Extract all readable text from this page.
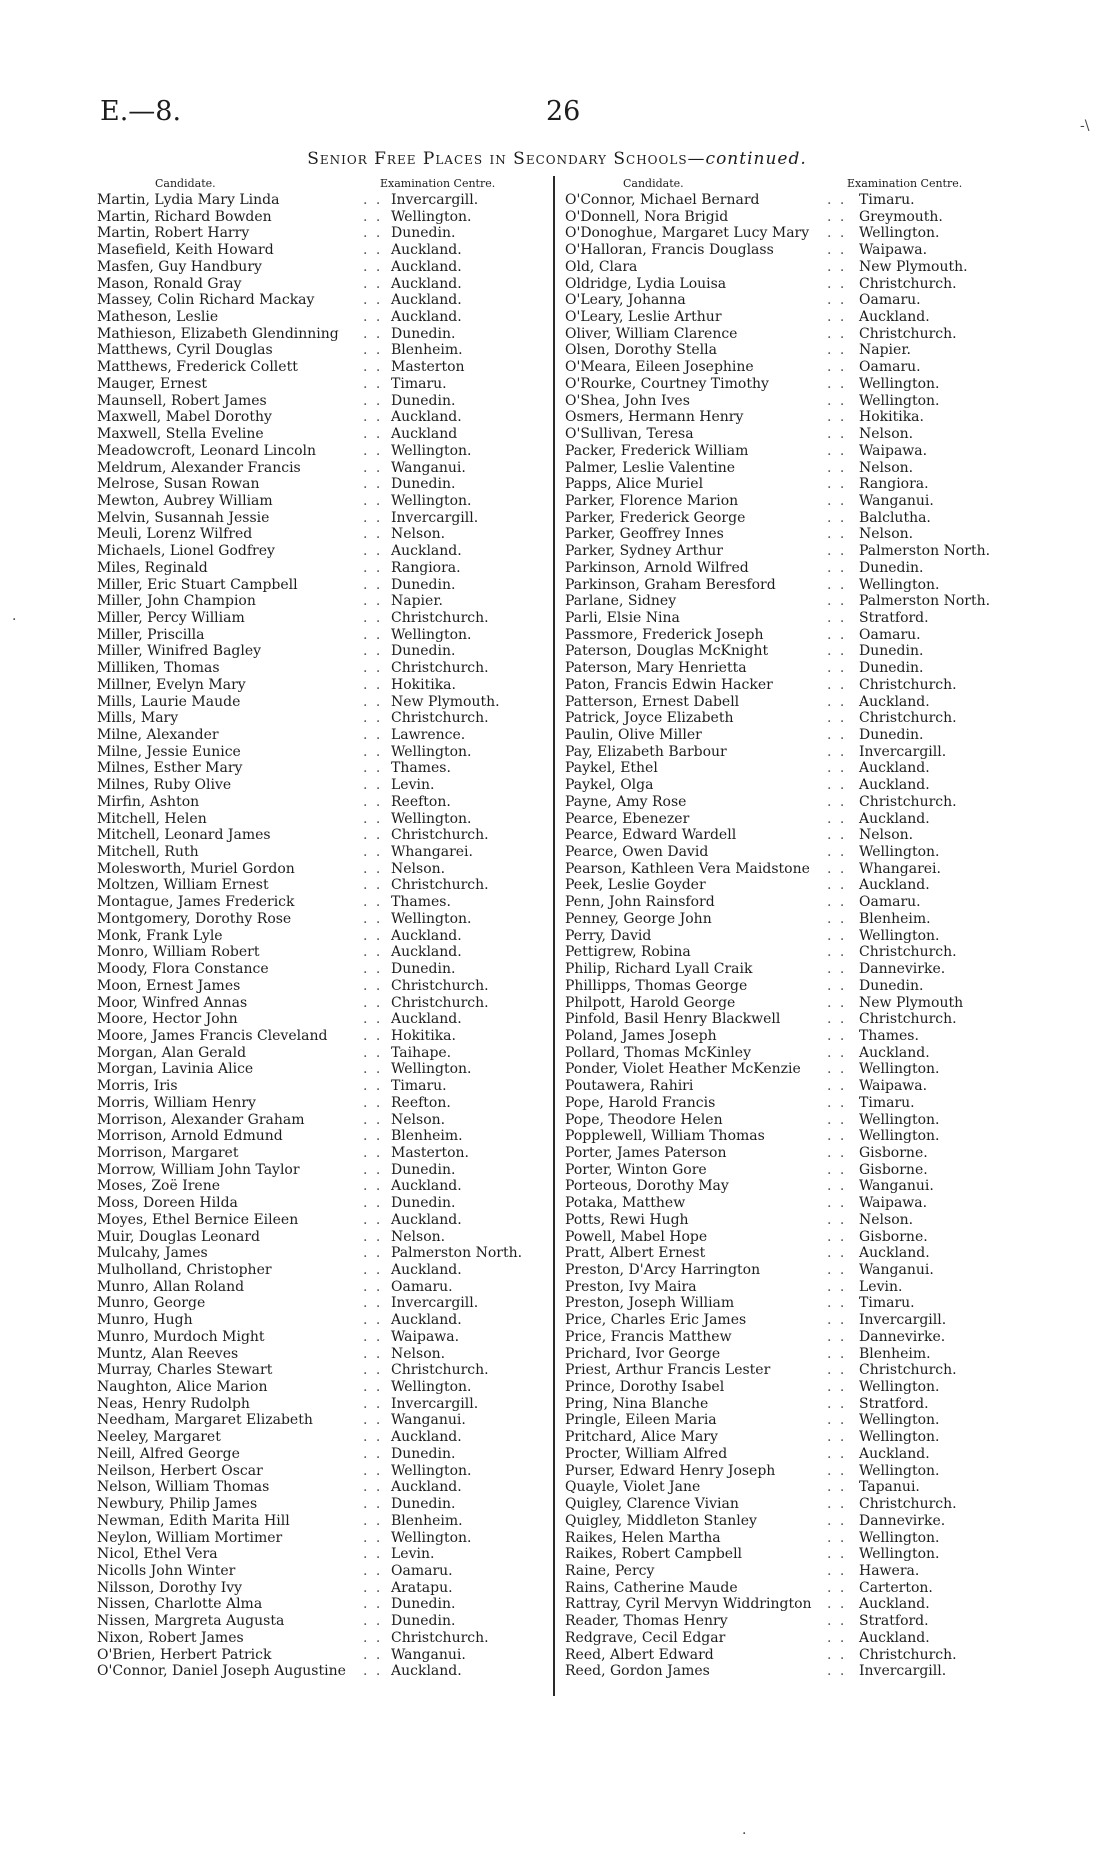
E.—8.	26	-\
·
·
Senior Free Places in Secondary Schools—continued.
Candidate.	Examination Centre.
Martin, Lydia Mary Linda	. . Invercargill.
Martin, Richard Bowden	. . Wellington.
Martin, Robert Harry	. . Dunedin.
Masefield, Keith Howard	. . Auckland.
Masfen, Guy Handbury	. . Auckland.
Mason, Ronald Gray	. . Auckland.
Massey, Colin Richard Mackay	. . Auckland.
Matheson, Leslie	. . Auckland.
Mathieson, Elizabeth Glendinning . . Dunedin.
Matthews, Cyril Douglas	. . Blenheim.
Matthews, Frederick Collett	. . Masterton
Mauger, Ernest	. . Timaru.
Maunsell, Robert James	. . Dunedin.
Maxwell, Mabel Dorothy	. . Auckland.
Maxwell, Stella Eveline	. . Auckland
Meadowcroft, Leonard Lincoln	. . Wellington.
Meldrum, Alexander Francis	. . Wanganui.
Melrose, Susan Rowan	. . Dunedin.
Mewton, Aubrey William	. . Wellington.
Melvin, Susannah Jessie	. . Invercargill.
Meuli, Lorenz Wilfred	. . Nelson.
Michaels, Lionel Godfrey	. . Auckland.
Miles, Reginald	. . Rangiora.
Miller, Eric Stuart Campbell	. . Dunedin.
Miller, John Champion	. . Napier.
Miller, Percy William	. . Christchurch.
Miller, Priscilla	. . Wellington.
Miller, Winifred Bagley	. . Dunedin.
Milliken, Thomas	. . Christchurch.
Millner, Evelyn Mary	. . Hokitika.
Mills, Laurie Maude	. . New Plymouth.
Mills, Mary	. . Christchurch.
Milne, Alexander	. . Lawrence.
Milne, Jessie Eunice	. . Wellington.
Milnes, Esther Mary	. . Thames.
Milnes, Ruby Olive	. . Levin.
Mirfin, Ashton	. . Reefton.
Mitchell, Helen	. . Wellington.
Mitchell, Leonard James	. . Christchurch.
Mitchell, Ruth	. . Whangarei.
Molesworth, Muriel Gordon	. . Nelson.
Moltzen, William Ernest	. . Christchurch.
Montague, James Frederick	. . Thames.
Montgomery, Dorothy Rose	. . Wellington.
Monk, Frank Lyle	. . Auckland.
Monro, William Robert	. . Auckland.
Moody, Flora Constance	. . Dunedin.
Moon, Ernest James	. . Christchurch.
Moor, Winfred Annas	. . Christchurch.
Moore, Hector John	. . Auckland.
Moore, James Francis Cleveland	. . Hokitika.
Morgan, Alan Gerald	. . Taihape.
Morgan, Lavinia Alice	. . Wellington.
Morris, Iris	. . Timaru.
Morris, William Henry	. . Reefton.
Morrison, Alexander Graham	. . Nelson.
Morrison, Arnold Edmund	. . Blenheim.
Morrison, Margaret	. . Masterton.
Morrow, William John Taylor	. . Dunedin.
Moses, Zoë Irene	. . Auckland.
Moss, Doreen Hilda	. . Dunedin.
Moyes, Ethel Bernice Eileen	. . Auckland.
Muir, Douglas Leonard	. . Nelson.
Mulcahy, James	. . Palmerston North.
Mulholland, Christopher	. . Auckland.
Munro, Allan Roland	. . Oamaru.
Munro, George	. . Invercargill.
Munro, Hugh	. . Auckland.
Munro, Murdoch Might	. . Waipawa.
Muntz, Alan Reeves	. . Nelson.
Murray, Charles Stewart	. . Christchurch.
Naughton, Alice Marion	. . Wellington.
Neas, Henry Rudolph	. . Invercargill.
Needham, Margaret Elizabeth	. . Wanganui.
Neeley, Margaret	. . Auckland.
Neill, Alfred George	. . Dunedin.
Neilson, Herbert Oscar	. . Wellington.
Nelson, William Thomas	. . Auckland.
Newbury, Philip James	. . Dunedin.
Newman, Edith Marita Hill	. . Blenheim.
Neylon, William Mortimer	. . Wellington.
Nicol, Ethel Vera	. . Levin.
Nicolls John Winter	. . Oamaru.
Nilsson, Dorothy Ivy	. . Aratapu.
Nissen, Charlotte Alma	. . Dunedin.
Nissen, Margreta Augusta	. . Dunedin.
Nixon, Robert James	. . Christchurch.
O'Brien, Herbert Patrick	. . Wanganui.
O'Connor, Daniel Joseph Augustine . . Auckland.
Candidate.	Examination Centre.
O'Connor, Michael Bernard	. . Timaru.
O'Donnell, Nora Brigid	. . Greymouth.
O'Donoghue, Margaret Lucy Mary . . Wellington.
O'Halloran, Francis Douglass	. . Waipawa.
Old, Clara	. . New Plymouth.
Oldridge, Lydia Louisa	. . Christchurch.
O'Leary, Johanna	. . Oamaru.
O'Leary, Leslie Arthur	. . Auckland.
Oliver, William Clarence	. . Christchurch.
Olsen, Dorothy Stella	. . Napier.
O'Meara, Eileen Josephine	. . Oamaru.
O'Rourke, Courtney Timothy	. . Wellington.
O'Shea, John Ives	. . Wellington.
Osmers, Hermann Henry	. . Hokitika.
O'Sullivan, Teresa	. . Nelson.
Packer, Frederick William	. . Waipawa.
Palmer, Leslie Valentine	. . Nelson.
Papps, Alice Muriel	. . Rangiora.
Parker, Florence Marion	. . Wanganui.
Parker, Frederick George	. . Balclutha.
Parker, Geoffrey Innes	. . Nelson.
Parker, Sydney Arthur	. . Palmerston North.
Parkinson, Arnold Wilfred	. . Dunedin.
Parkinson, Graham Beresford	. . Wellington.
Parlane, Sidney	. . Palmerston North.
Parli, Elsie Nina	. . Stratford.
Passmore, Frederick Joseph	. . Oamaru.
Paterson, Douglas McKnight	. . Dunedin.
Paterson, Mary Henrietta	. . Dunedin.
Paton, Francis Edwin Hacker	. . Christchurch.
Patterson, Ernest Dabell	. . Auckland.
Patrick, Joyce Elizabeth	. . Christchurch.
Paulin, Olive Miller	. . Dunedin.
Pay, Elizabeth Barbour	. . Invercargill.
Paykel, Ethel	. . Auckland.
Paykel, Olga	. . Auckland.
Payne, Amy Rose	. . Christchurch.
Pearce, Ebenezer	. . Auckland.
Pearce, Edward Wardell	. . Nelson.
Pearce, Owen David	. . Wellington.
Pearson, Kathleen Vera Maidstone . . Whangarei.
Peek, Leslie Goyder	. . Auckland.
Penn, John Rainsford	. . Oamaru.
Penney, George John	. . Blenheim.
Perry, David	. . Wellington.
Pettigrew, Robina	. . Christchurch.
Philip, Richard Lyall Craik	. . Dannevirke.
Phillipps, Thomas George	. . Dunedin.
Philpott, Harold George	. . New Plymouth
Pinfold, Basil Henry Blackwell	. . Christchurch.
Poland, James Joseph	. . Thames.
Pollard, Thomas McKinley	. . Auckland.
Ponder, Violet Heather McKenzie . . Wellington.
Poutawera, Rahiri	. . Waipawa.
Pope, Harold Francis	. . Timaru.
Pope, Theodore Helen	. . Wellington.
Popplewell, William Thomas	. . Wellington.
Porter, James Paterson	. . Gisborne.
Porter, Winton Gore	. . Gisborne.
Porteous, Dorothy May	. . Wanganui.
Potaka, Matthew	. . Waipawa.
Potts, Rewi Hugh	. . Nelson.
Powell, Mabel Hope	. . Gisborne.
Pratt, Albert Ernest	. . Auckland.
Preston, D'Arcy Harrington	. . Wanganui.
Preston, Ivy Maira	. . Levin.
Preston, Joseph William	. . Timaru.
Price, Charles Eric James	. . Invercargill.
Price, Francis Matthew	. . Dannevirke.
Prichard, Ivor George	. . Blenheim.
Priest, Arthur Francis Lester	. . Christchurch.
Prince, Dorothy Isabel	. . Wellington.
Pring, Nina Blanche	. . Stratford.
Pringle, Eileen Maria	. . Wellington.
Pritchard, Alice Mary	. . Wellington.
Procter, William Alfred	. . Auckland.
Purser, Edward Henry Joseph	. . Wellington.
Quayle, Violet Jane	. . Tapanui.
Quigley, Clarence Vivian	. . Christchurch.
Quigley, Middleton Stanley	. . Dannevirke.
Raikes, Helen Martha	. . Wellington.
Raikes, Robert Campbell	. . Wellington.
Raine, Percy	. . Hawera.
Rains, Catherine Maude	. . Carterton.
Rattray, Cyril Mervyn Widdrington . . Auckland.
Reader, Thomas Henry	. . Stratford.
Redgrave, Cecil Edgar	. . Auckland.
Reed, Albert Edward	. . Christchurch.
Reed, Gordon James	. . Invercargill.
